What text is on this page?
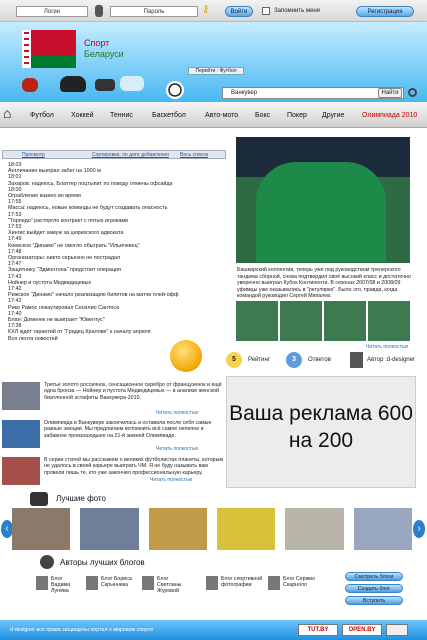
Логин	Пароль	⚷	Войти	Запомнить меня	Регистрация
Спорт
Беларуси
Перейти : Футбол
Ванкувер	Найти
⌂	Футбол Хоккей Теннис	Баскетбол	Авто-мото Бокс Покер Другие	Олимпиада 2010
Просмотр	Сортировка: по дате добавления Весь список
18:03
Англичанин выиграл забег на 1000 м
18:01
Захаров: надеюсь, Блаттер поцтыпит по поводу отмены офсайда
18:00
Ограбление казино во время
17:55
Масса: надеюсь, новые команды не будут создавать опасность
17:53
"Торпедо" расторгло контракт с пятью игроками
17:53
Хингис выйдет замуж за цюрихского адвоката
17:49
Киевское "Динамо" не смогло обыграть "Ильичевец"
17:48
Организаторы: никто серьезно не пострадал
17:47
Защитнику "Эдмонтона" предстоит операция
17:43
Нойнер и пустота Медведицевых
17:42
Рижское "Динамо" начало реализацию билетов на матчи плей-офф
17:42
Рико Рамос нокаутировал Сесилио Сантоса
17:40
Блан: Доменек не выиграет "Ювентус"
17:38
КХЛ ждёт гарантий от "Градец Кралове" к началу апреля
Вся лента новостей
Башкирский коллектив, теперь уже под руководством тренерского тандема сборной, снова подтвердил своё высокий класс и достаточно уверенно выиграл Кубок Континента. В сезонах 2007/08 и 2008/09 уфимцы уже оказывались в "регулярке". Было это, правда, когда командой руководил Сергей Михалев.
Читать полностью
5	Рейтинг	3	Ответов	Автор :d-designer
Ваша реклама 600 на 200
Третье золото россиянок, сенсационное серебро от французенок и ещё одна бронза — Нойнер и пустота Медведицевых — в анализе женской биатлонной эстафеты Ванкувера-2010.
Читать полностью
Олимпиада в Ванкувере закончилась и оставила после себя самые разные эмоции. Мы предлагаем вспомнить всё самое нелепое и забавное произошедшее на 21-й зимней Олимпиаде.
Читать полностью
В серии статей мы расскажем о великих футболистах планеты, которым не удалось в своей карьере выиграть ЧМ. Я не буду называть вам провели лишь те, кто уже закончил профессиональную карьеру.
Читать полностью
Лучшие фото
‹	›
Авторы лучших блогов
Блог Вадима Лунёва
Блог Бориса Скрынника
Блог Светланы Журовой
Блог спортивной фотографии
Блог Сержио Скарноло
Смотреть блоги
Создать блог
Вступить
d-designer все права защищены портал о мировом спорте	TUT.BY	OPEN.BY
